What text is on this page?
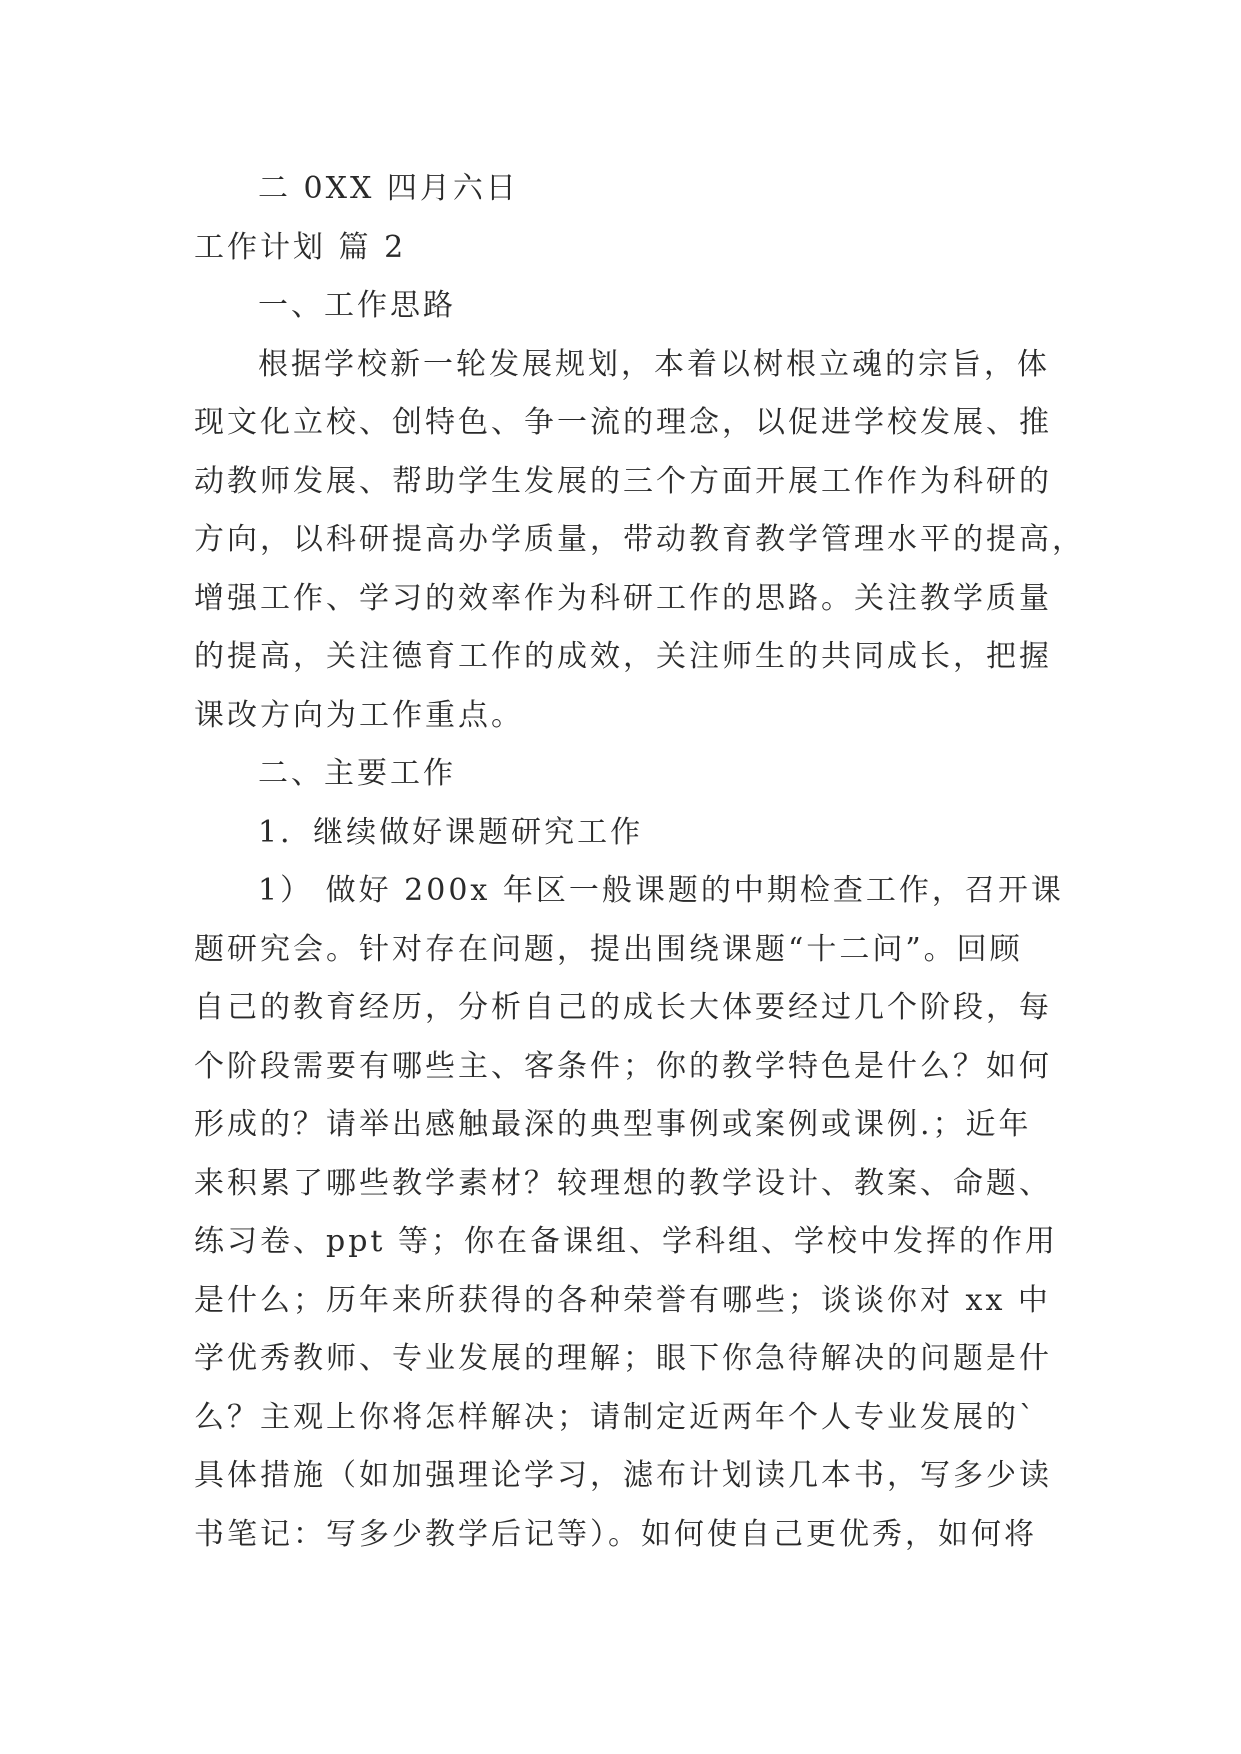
二 0XX 四月六日
工作计划 篇 2
一、工作思路
根据学校新一轮发展规划，本着以树根立魂的宗旨，体
现文化立校、创特色、争一流的理念，以促进学校发展、推
动教师发展、帮助学生发展的三个方面开展工作作为科研的
方向，以科研提高办学质量，带动教育教学管理水平的提高，
增强工作、学习的效率作为科研工作的思路。关注教学质量
的提高，关注德育工作的成效，关注师生的共同成长，把握
课改方向为工作重点。
二、主要工作
1．继续做好课题研究工作
1） 做好 200x 年区一般课题的中期检查工作，召开课
题研究会。针对存在问题，提出围绕课题“十二问”。回顾
自己的教育经历，分析自己的成长大体要经过几个阶段，每
个阶段需要有哪些主、客条件；你的教学特色是什么？如何
形成的？请举出感触最深的典型事例或案例或课例.；近年
来积累了哪些教学素材？较理想的教学设计、教案、命题、
练习卷、ppt 等；你在备课组、学科组、学校中发挥的作用
是什么；历年来所获得的各种荣誉有哪些；谈谈你对 xx 中
学优秀教师、专业发展的理解；眼下你急待解决的问题是什
么？主观上你将怎样解决；请制定近两年个人专业发展的`
具体措施（如加强理论学习，滤布计划读几本书，写多少读
书笔记：写多少教学后记等）。如何使自己更优秀，如何将
